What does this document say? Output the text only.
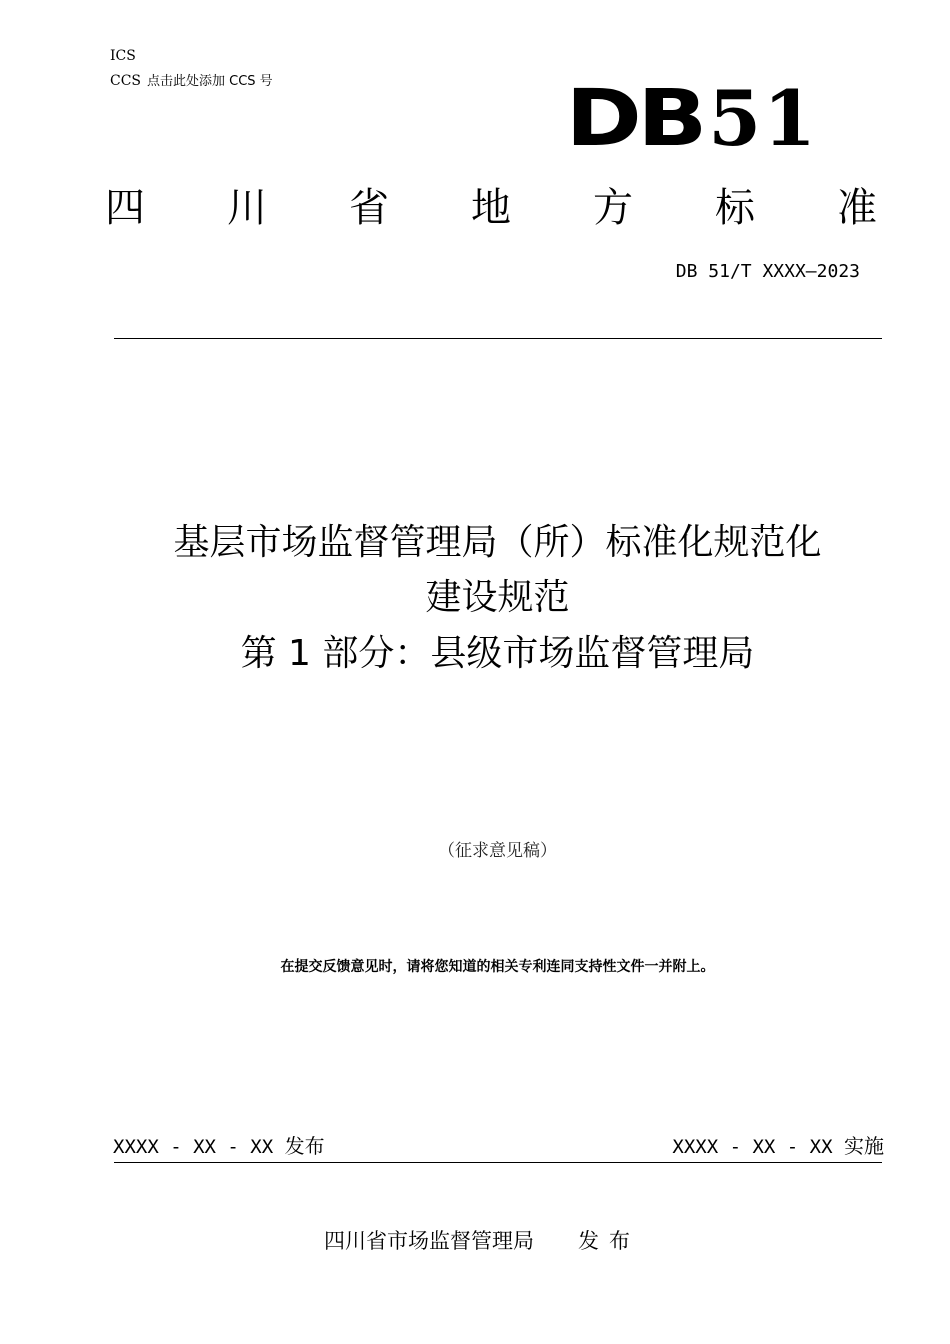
ICS
CCS 点击此处添加 CCS 号	DB51
四 川 省 地 方 标 准
DB 51/T XXXX—2023
基层市场监督管理局（所）标准化规范化
建设规范
第 1 部分：县级市场监督管理局
（征求意见稿）
在提交反馈意见时，请将您知道的相关专利连同支持性文件一并附上。
XXXX - XX - XX 发布	XXXX - XX - XX 实施
四川省市场监督管理局 发布
